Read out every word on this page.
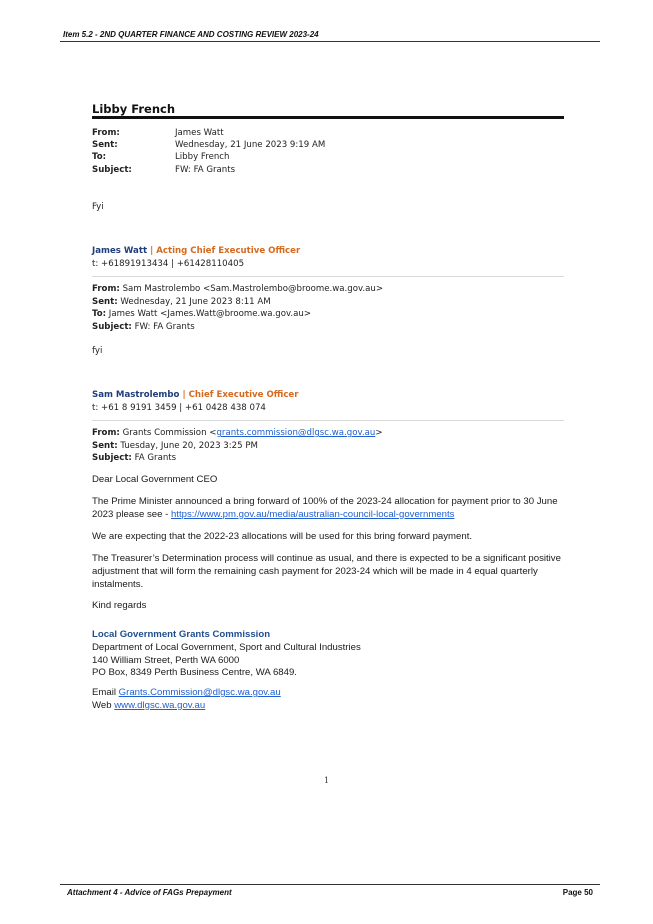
Item 5.2 - 2ND QUARTER FINANCE AND COSTING REVIEW 2023-24
Libby French
From:	James Watt
Sent:	Wednesday, 21 June 2023 9:19 AM
To:	Libby French
Subject:	FW: FA Grants
Fyi
James Watt | Acting Chief Executive Officer
t: +61891913434 | +61428110405
From: Sam Mastrolembo <Sam.Mastrolembo@broome.wa.gov.au>
Sent: Wednesday, 21 June 2023 8:11 AM
To: James Watt <James.Watt@broome.wa.gov.au>
Subject: FW: FA Grants
fyi
Sam Mastrolembo | Chief Executive Officer
t: +61 8 9191 3459 | +61 0428 438 074
From: Grants Commission <grants.commission@dlgsc.wa.gov.au>
Sent: Tuesday, June 20, 2023 3:25 PM
Subject: FA Grants
Dear Local Government CEO
The Prime Minister announced a bring forward of 100% of the 2023-24 allocation for payment prior to 30 June 2023 please see - https://www.pm.gov.au/media/australian-council-local-governments
We are expecting that the 2022-23 allocations will be used for this bring forward payment.
The Treasurer’s Determination process will continue as usual, and there is expected to be a significant positive adjustment that will form the remaining cash payment for 2023-24 which will be made in 4 equal quarterly instalments.
Kind regards
Local Government Grants Commission
Department of Local Government, Sport and Cultural Industries
140 William Street, Perth WA 6000
PO Box, 8349 Perth Business Centre, WA 6849.
Email Grants.Commission@dlgsc.wa.gov.au
Web www.dlgsc.wa.gov.au
1
Attachment 4 - Advice of FAGs Prepayment	Page 50
